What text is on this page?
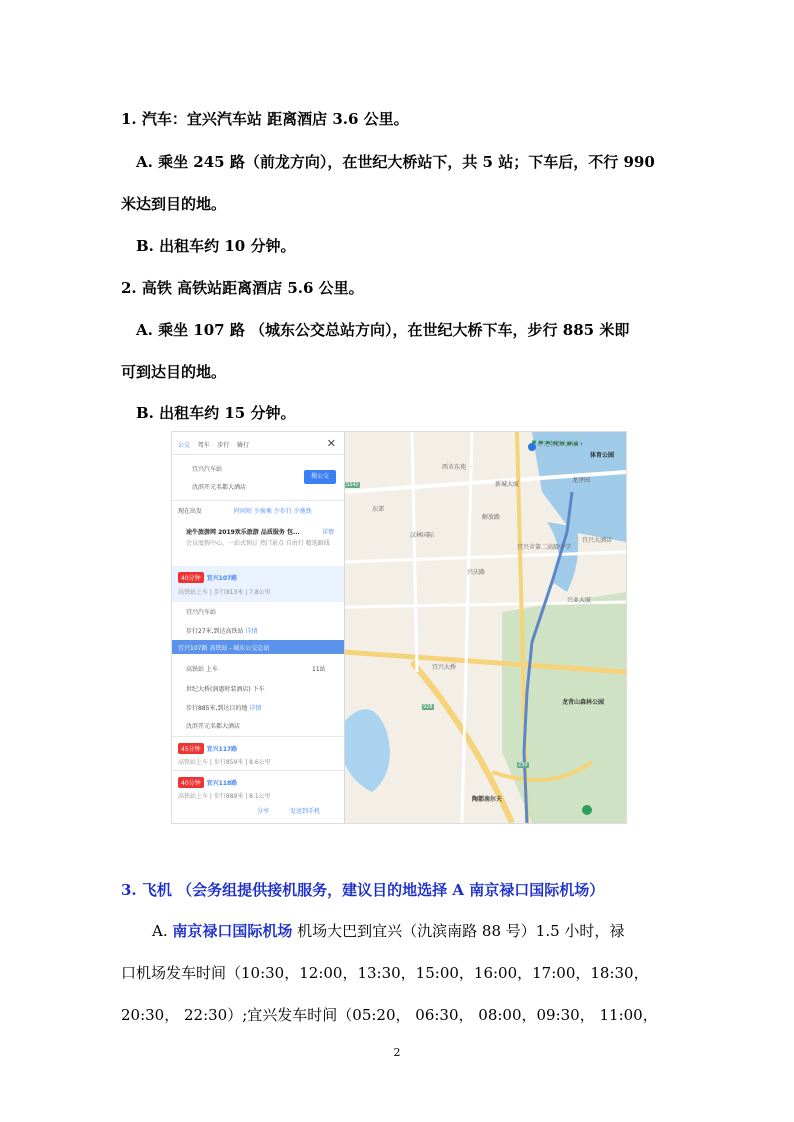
1. 汽车：宜兴汽车站 距离酒店 3.6 公里。
A. 乘坐 245 路（前龙方向），在世纪大桥站下，共 5 站；下车后，不行 990
米达到目的地。
B. 出租车约 10 分钟。
2. 高铁 高铁站距离酒店 5.6 公里。
A. 乘坐 107 路 （城东公交总站方向），在世纪大桥下车，步行 885 米即
可到达目的地。
B. 出租车约 15 分钟。
开元名都大酒店
体育公园
新城大厦
西市东苑
龙泽园
宜兴大酒店
汉林国际
东郊
宜兴市第二高级中学
解放路
兴庆路
兴业大厦
龙背山森林公园
陶都南尔夫
宜兴大桥
S342
928
230
公交 驾车 步行 骑行	✕
宜兴汽车站
氿滨开元名都大酒店
搜公交
现在出发	时间短 少换乘 少步行 少地铁
途牛旅游网 2019欢乐旅游 品质服务 包...	详情
会员度假中心，一站式预订 热门景点 自由行 精选路线
40分钟 宜兴107路
高铁站上车 | 步行813米 | 7.8公里
宜兴汽车站
步行27米,到达高铁站 详情
宜兴107路 高铁站 - 城东公交总站
高铁站 上车	11站
世纪大桥(润惠时装酒店) 下车
步行885米,到达目的地 详情
氿滨开元名都大酒店
45分钟 宜兴117路
高铁站上车 | 步行859米 | 8.6公里
40分钟 宜兴118路
高铁站上车 | 步行889米 | 8.1公里
分享	发送到手机
3. 飞机 （会务组提供接机服务，建议目的地选择 A 南京禄口国际机场）
A. 南京禄口国际机场 机场大巴到宜兴（氿滨南路 88 号）1.5 小时，禄
口机场发车时间（10:30，12:00，13:30，15:00，16:00，17:00，18:30，
20:30， 22:30）;宜兴发车时间（05:20， 06:30， 08:00，09:30， 11:00，
2
